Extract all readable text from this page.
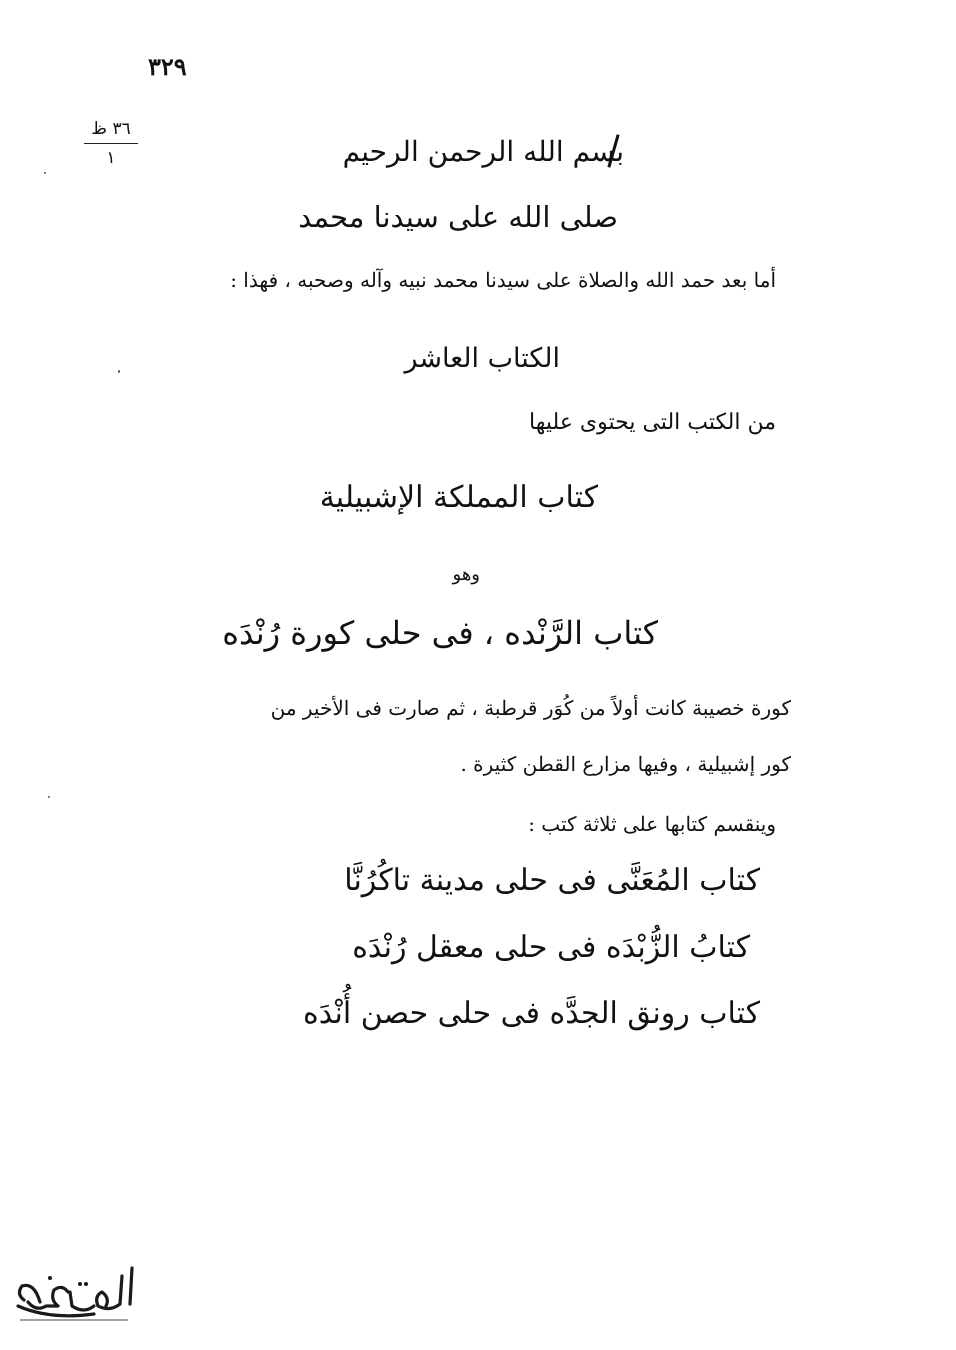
٣٢٩
٣٦ ظ
١	بسم الله الرحمن الرحيم
صلى الله على سيدنا محمد
أما بعد حمد الله والصلاة على سيدنا محمد نبيه وآله وصحبه ، فهذا :
الكتاب العاشر
من الكتب التى يحتوى عليها
كتاب المملكة الإشبيلية
وهو
كتاب الرَّنْده ، فى حلى كورة رُنْدَه
كورة خصيبة كانت أولاً من كُوَر قرطبة ، ثم صارت فى الأخير من
كور إشبيلية ، وفيها مزارع القطن كثيرة .
وينقسم كتابها على ثلاثة كتب :
كتاب المُعَنَّى فى حلى مدينة تاكُرُنَّا
كتابُ الزُّبْدَه فى حلى معقل رُنْدَه
كتاب رونق الجدَّه فى حلى حصن أُنْدَه
